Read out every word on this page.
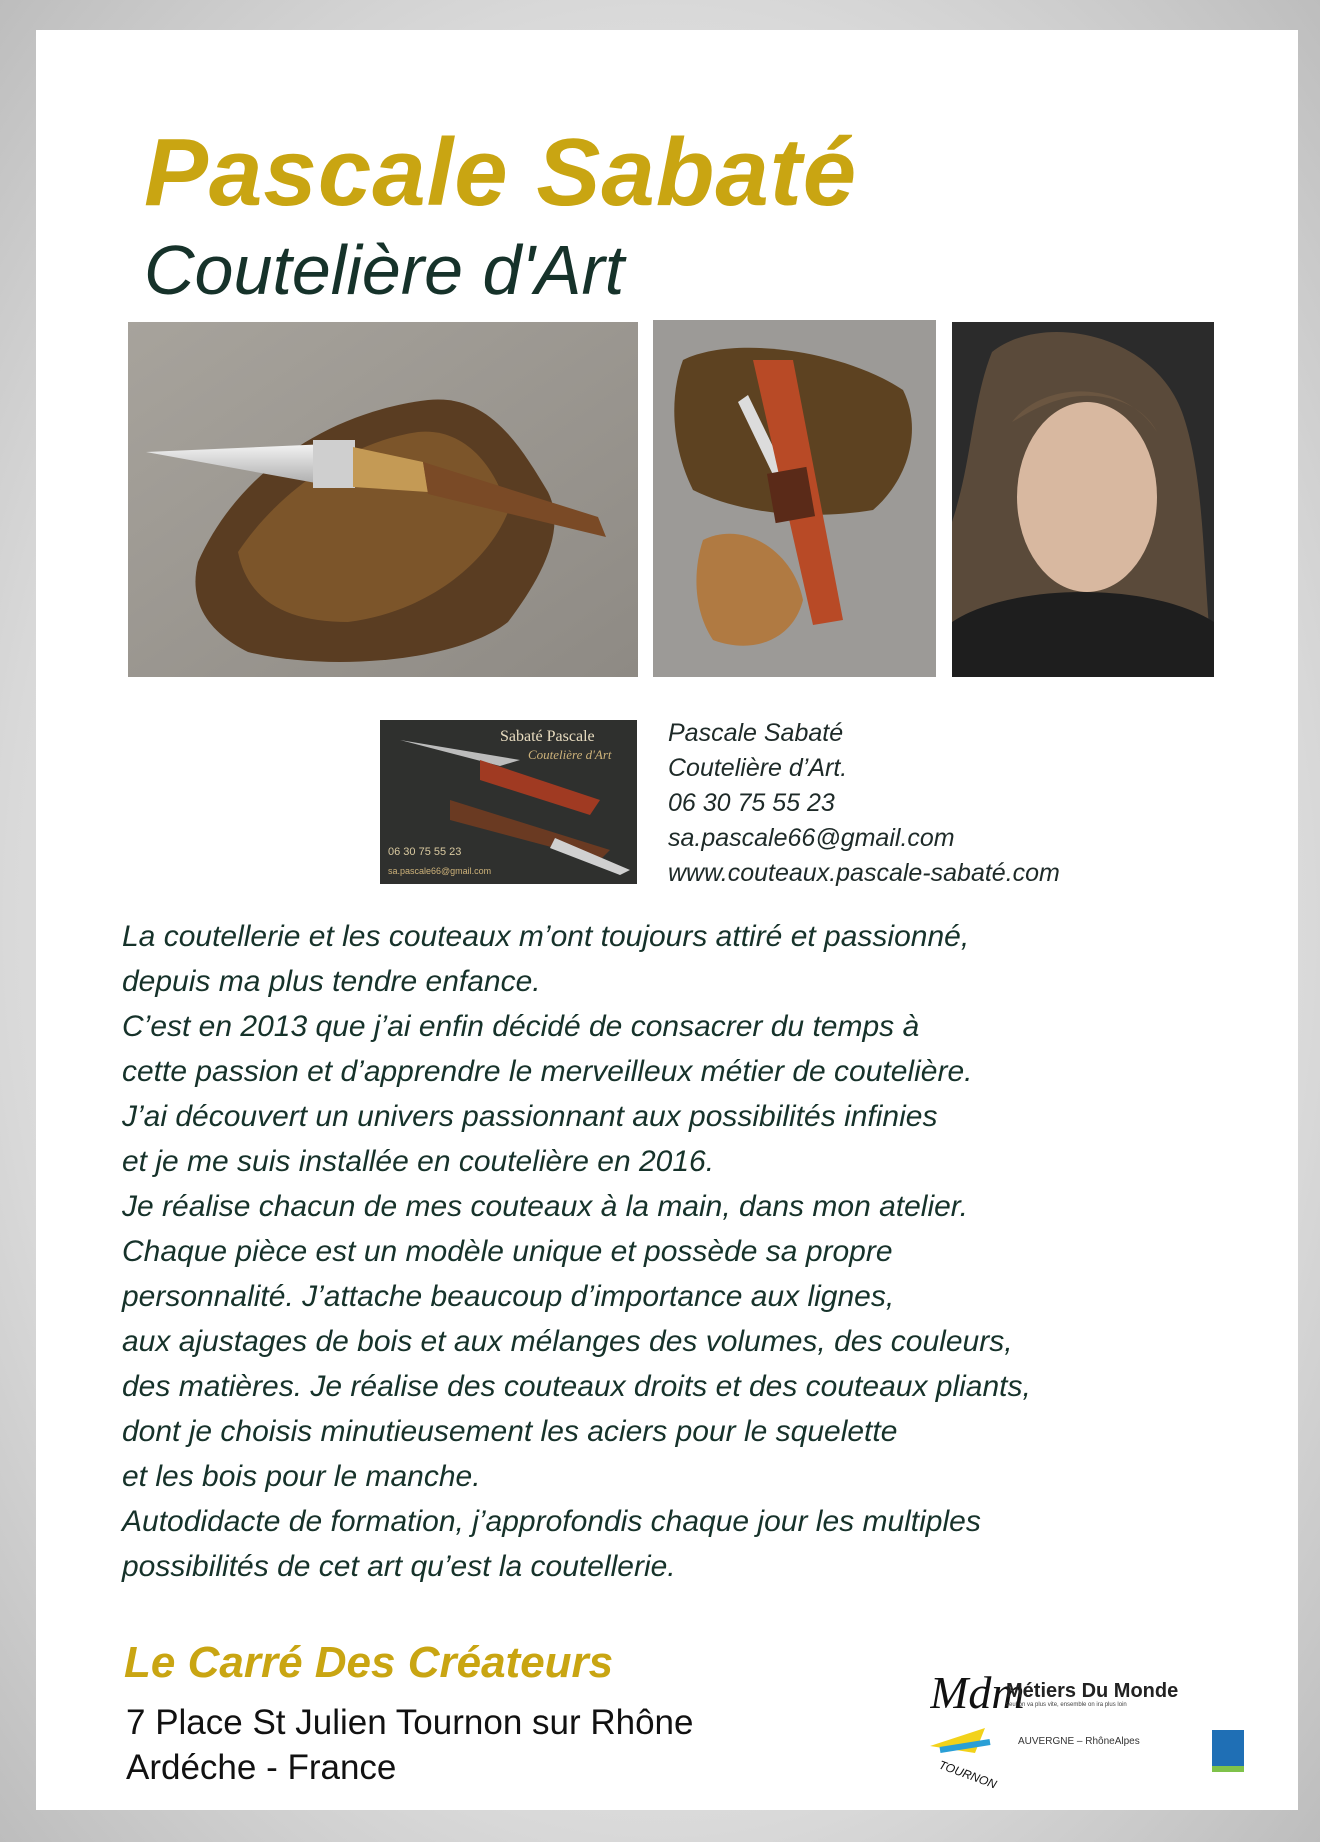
Pascale Sabaté
Coutelière d'Art
Sabaté Pascale
Coutelière d'Art
06 30 75 55 23
sa.pascale66@gmail.com
Pascale Sabaté
Coutelière d’Art.
06 30 75 55 23
sa.pascale66@gmail.com
www.couteaux.pascale-sabaté.com
La coutellerie et les couteaux m’ont toujours attiré et passionné,
depuis ma plus tendre enfance.
C’est en 2013 que j’ai enfin décidé de consacrer du temps à
cette passion et d’apprendre le merveilleux métier de coutelière.
J’ai découvert un univers passionnant aux possibilités infinies
et je me suis installée en coutelière en 2016.
Je réalise chacun de mes couteaux à la main, dans mon atelier.
Chaque pièce est un modèle unique et possède sa propre
personnalité. J’attache beaucoup d’importance aux lignes,
aux ajustages de bois et aux mélanges des volumes, des couleurs,
des matières. Je réalise des couteaux droits et des couteaux pliants,
dont je choisis minutieusement les aciers pour le squelette
et les bois pour le manche.
Autodidacte de formation, j’approfondis chaque jour les multiples
possibilités de cet art qu’est la coutellerie.
Le Carré Des Créateurs
7 Place St Julien Tournon sur Rhône
Ardéche - France
Mdm
TOURNON
Métiers Du Monde
seul on va plus vite, ensemble on ira plus loin
AUVERGNE – RhôneAlpes
